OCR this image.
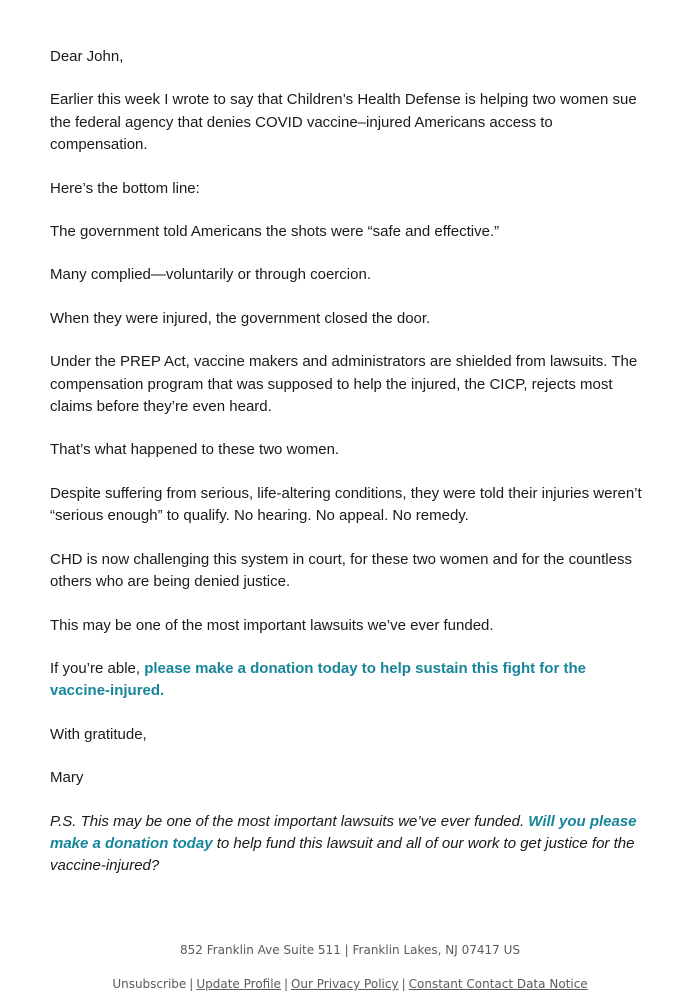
Dear John,

Earlier this week I wrote to say that Children’s Health Defense is helping two women sue the federal agency that denies COVID vaccine–injured Americans access to compensation.

Here’s the bottom line:

The government told Americans the shots were “safe and effective.”

Many complied—voluntarily or through coercion.

When they were injured, the government closed the door.

Under the PREP Act, vaccine makers and administrators are shielded from lawsuits. The compensation program that was supposed to help the injured, the CICP, rejects most claims before they’re even heard.

That’s what happened to these two women.

Despite suffering from serious, life-altering conditions, they were told their injuries weren’t “serious enough” to qualify. No hearing. No appeal. No remedy.

CHD is now challenging this system in court, for these two women and for the countless others who are being denied justice.

This may be one of the most important lawsuits we’ve ever funded.

If you’re able, please make a donation today to help sustain this fight for the vaccine-injured.

With gratitude,

Mary

P.S. This may be one of the most important lawsuits we’ve ever funded. Will you please make a donation today to help fund this lawsuit and all of our work to get justice for the vaccine-injured?

852 Franklin Ave Suite 511 | Franklin Lakes, NJ 07417 US
Unsubscribe | Update Profile | Our Privacy Policy | Constant Contact Data Notice
